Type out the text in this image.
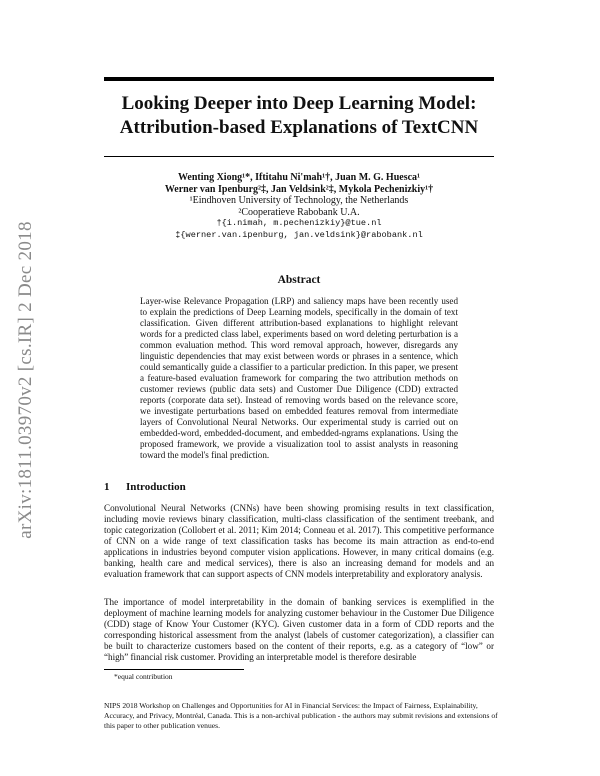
arXiv:1811.03970v2 [cs.IR] 2 Dec 2018
Looking Deeper into Deep Learning Model:
Attribution-based Explanations of TextCNN
Wenting Xiong¹*, Iftitahu Ni'mah¹†, Juan M. G. Huesca¹
Werner van Ipenburg²‡, Jan Veldsink²‡, Mykola Pechenizkiy¹†
¹Eindhoven University of Technology, the Netherlands
²Cooperatieve Rabobank U.A.
†{i.nimah, m.pechenizkiy}@tue.nl
‡{werner.van.ipenburg, jan.veldsink}@rabobank.nl
Abstract

Layer-wise Relevance Propagation (LRP) and saliency maps have been recently used to explain the predictions of Deep Learning models, specifically in the domain of text classification. Given different attribution-based explanations to highlight relevant words for a predicted class label, experiments based on word deleting perturbation is a common evaluation method. This word removal approach, however, disregards any linguistic dependencies that may exist between words or phrases in a sentence, which could semantically guide a classifier to a particular prediction. In this paper, we present a feature-based evaluation framework for comparing the two attribution methods on customer reviews (public data sets) and Customer Due Diligence (CDD) extracted reports (corporate data set). Instead of removing words based on the relevance score, we investigate perturbations based on embedded features removal from intermediate layers of Convolutional Neural Networks. Our experimental study is carried out on embedded-word, embedded-document, and embedded-ngrams explanations. Using the proposed framework, we provide a visualization tool to assist analysts in reasoning toward the model's final prediction.

1 Introduction

Convolutional Neural Networks (CNNs) have been showing promising results in text classification, including movie reviews binary classification, multi-class classification of the sentiment treebank, and topic categorization (Collobert et al. 2011; Kim 2014; Conneau et al. 2017). This competitive performance of CNN on a wide range of text classification tasks has become its main attraction as end-to-end applications in industries beyond computer vision applications. However, in many critical domains (e.g. banking, health care and medical services), there is also an increasing demand for models and an evaluation framework that can support aspects of CNN models interpretability and exploratory analysis.

The importance of model interpretability in the domain of banking services is exemplified in the deployment of machine learning models for analyzing customer behaviour in the Customer Due Diligence (CDD) stage of Know Your Customer (KYC). Given customer data in a form of CDD reports and the corresponding historical assessment from the analyst (labels of customer categorization), a classifier can be built to characterize customers based on the content of their reports, e.g. as a category of “low” or “high” financial risk customer. Providing an interpretable model is therefore desirable

*equal contribution

NIPS 2018 Workshop on Challenges and Opportunities for AI in Financial Services: the Impact of Fairness, Explainability, Accuracy, and Privacy, Montréal, Canada. This is a non-archival publication - the authors may submit revisions and extensions of this paper to other publication venues.
